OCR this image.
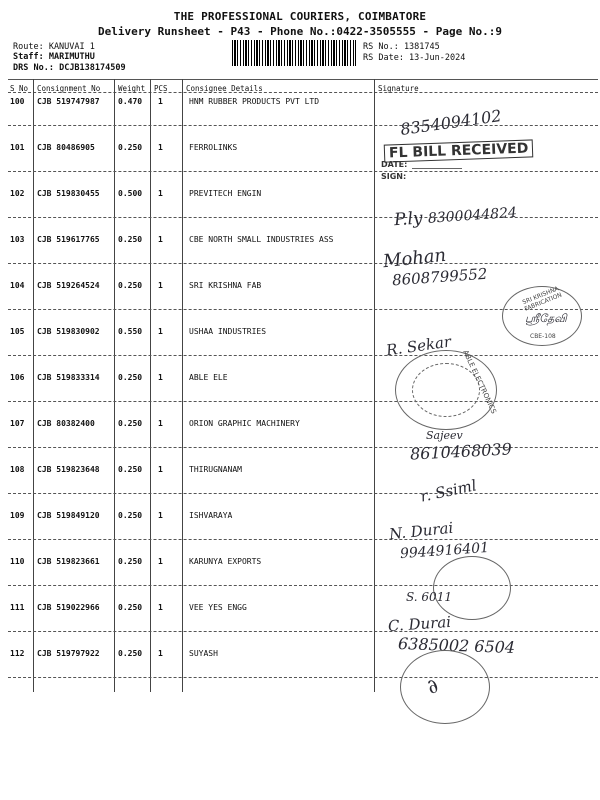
THE PROFESSIONAL COURIERS, COIMBATORE
Delivery Runsheet - P43 - Phone No.:0422-3505555 - Page No.:9
Route: KANUVAI 1
Staff: MARIMUTHU
DRS No.: DCJB138174509
RS No.: 1381745
RS Date: 13-Jun-2024
S No Consignment No Weight PCS Consignee Details	Signature
100 CJB 519747987 0.470 1	HNM RUBBER PRODUCTS PVT LTD
101 CJB 80486905	0.250 1	FERROLINKS
102 CJB 519830455 0.500 1	PREVITECH ENGIN
103 CJB 519617765 0.250 1	CBE NORTH SMALL INDUSTRIES ASS
104 CJB 519264524 0.250 1	SRI KRISHNA FAB
105 CJB 519830902 0.550 1	USHAA INDUSTRIES
106 CJB 519833314 0.250 1	ABLE ELE
107 CJB 80382400	0.250 1	ORION GRAPHIC MACHINERY
108 CJB 519823648 0.250 1	THIRUGNANAM
109 CJB 519849120 0.250 1	ISHVARAYA
110 CJB 519823661 0.250 1	KARUNYA EXPORTS
111 CJB 519022966 0.250 1	VEE YES ENGG
112 CJB 519797922 0.250 1	SUYASH
8354094102
FL BILL RECEIVED
DATE:
SIGN:
P.ly 8300044824
Mohan
8608799552
SRI KRISHNA FABRICATION
CBE-108
ஸ்ரீதேவி
R. Sekar
ABLE ELECTRONICS
Sajeev
8610468039
r. Ssiml
N. Durai
9944916401
S. 6011
C. Durai
6385002 6504
∂
